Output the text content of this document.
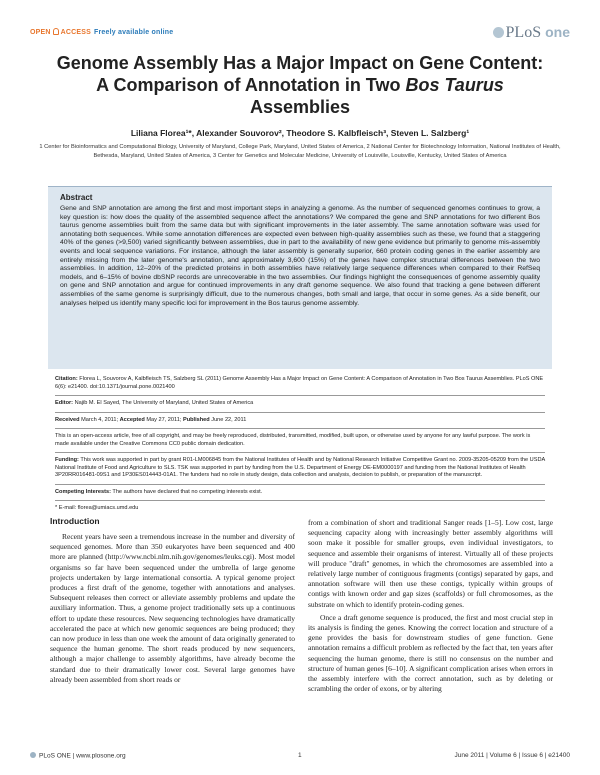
OPEN ACCESS Freely available online	PLoS one
Genome Assembly Has a Major Impact on Gene Content: A Comparison of Annotation in Two Bos Taurus Assemblies
Liliana Florea¹*, Alexander Souvorov², Theodore S. Kalbfleisch³, Steven L. Salzberg¹
1 Center for Bioinformatics and Computational Biology, University of Maryland, College Park, Maryland, United States of America, 2 National Center for Biotechnology Information, National Institutes of Health, Bethesda, Maryland, United States of America, 3 Center for Genetics and Molecular Medicine, University of Louisville, Louisville, Kentucky, United States of America
Abstract

Gene and SNP annotation are among the first and most important steps in analyzing a genome. As the number of sequenced genomes continues to grow, a key question is: how does the quality of the assembled sequence affect the annotations? We compared the gene and SNP annotations for two different Bos taurus genome assemblies built from the same data but with significant improvements in the later assembly. The same annotation software was used for annotating both sequences. While some annotation differences are expected even between high-quality assemblies such as these, we found that a staggering 40% of the genes (>9,500) varied significantly between assemblies, due in part to the availability of new gene evidence but primarily to genome mis-assembly events and local sequence variations. For instance, although the later assembly is generally superior, 660 protein coding genes in the earlier assembly are entirely missing from the later genome's annotation, and approximately 3,600 (15%) of the genes have complex structural differences between the two assemblies. In addition, 12–20% of the predicted proteins in both assemblies have relatively large sequence differences when compared to their RefSeq models, and 6–15% of bovine dbSNP records are unrecoverable in the two assemblies. Our findings highlight the consequences of genome assembly quality on gene and SNP annotation and argue for continued improvements in any draft genome sequence. We also found that tracking a gene between different assemblies of the same genome is surprisingly difficult, due to the numerous changes, both small and large, that occur in some genes. As a side benefit, our analyses helped us identify many specific loci for improvement in the Bos taurus genome assembly.

Citation: Florea L, Souvorov A, Kalbfleisch TS, Salzberg SL (2011) Genome Assembly Has a Major Impact on Gene Content: A Comparison of Annotation in Two Bos Taurus Assemblies. PLoS ONE 6(6): e21400. doi:10.1371/journal.pone.0021400

Editor: Najib M. El Sayed, The University of Maryland, United States of America

Received March 4, 2011; Accepted May 27, 2011; Published June 22, 2011

This is an open-access article, free of all copyright, and may be freely reproduced, distributed, transmitted, modified, built upon, or otherwise used by anyone for any lawful purpose. The work is made available under the Creative Commons CC0 public domain dedication.

Funding: This work was supported in part by grant R01-LM006845 from the National Institutes of Health and by National Research Initiative Competitive Grant no. 2009-35205-05209 from the USDA National Institute of Food and Agriculture to SLS. TSK was supported in part by funding from the U.S. Department of Energy DE-EM0000197 and funding from the National Institutes of Health 3P20RR016481-09S1 and 1P30ES014443-01A1. The funders had no role in study design, data collection and analysis, decision to publish, or preparation of the manuscript.

Competing Interests: The authors have declared that no competing interests exist.

* E-mail: florea@umiacs.umd.edu

Introduction

Recent years have seen a tremendous increase in the number and diversity of sequenced genomes. More than 350 eukaryotes have been sequenced and 400 more are planned (http://www.ncbi.nlm.nih.gov/genomes/leuks.cgi). Most model organisms so far have been sequenced under the umbrella of large genome projects undertaken by large international consortia. A typical genome project produces a first draft of the genome, together with annotations and analyses. Subsequent releases then correct or alleviate assembly problems and update the auxiliary information. Thus, a genome project traditionally sets up a continuous effort to update these resources. New sequencing technologies have dramatically accelerated the pace at which new genomic sequences are being produced; they can now produce in less than one week the amount of data originally generated to sequence the human genome. The short reads produced by new sequencers, although a major challenge to assembly algorithms, have already become the standard due to their dramatically lower cost. Several large genomes have already been assembled from short reads or

from a combination of short and traditional Sanger reads [1–5]. Low cost, large sequencing capacity along with increasingly better assembly algorithms will soon make it possible for smaller groups, even individual investigators, to sequence and assemble their organisms of interest. Virtually all of these projects will produce "draft" genomes, in which the chromosomes are assembled into a relatively large number of contiguous fragments (contigs) separated by gaps, and annotation software will then use these contigs, typically within groups of contigs with known order and gap sizes (scaffolds) or full chromosomes, as the substrate on which to identify protein-coding genes.

Once a draft genome sequence is produced, the first and most crucial step in its analysis is finding the genes. Knowing the correct location and structure of a gene provides the basis for downstream studies of gene function. Gene annotation remains a difficult problem as reflected by the fact that, ten years after sequencing the human genome, there is still no consensus on the number and structure of human genes [6–10]. A significant complication arises when errors in the assembly interfere with the correct annotation, such as by deleting or scrambling the order of exons, or by altering

PLoS ONE | www.plosone.org	1	June 2011 | Volume 6 | Issue 6 | e21400
